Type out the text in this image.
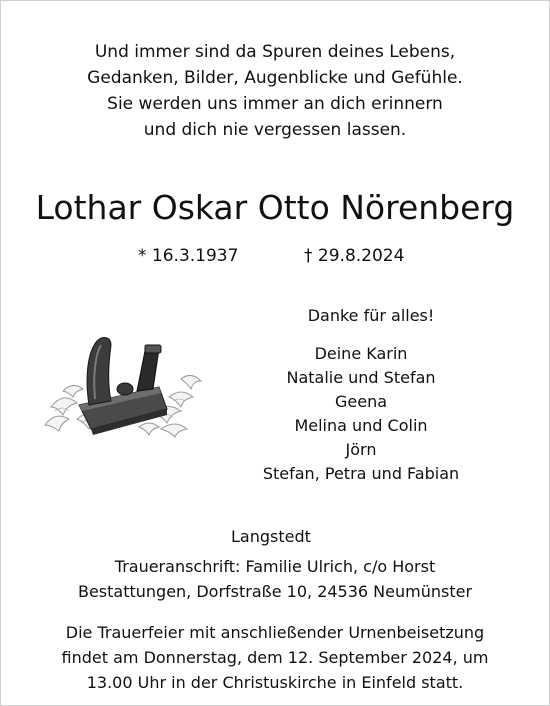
Und immer sind da Spuren deines Lebens,
Gedanken, Bilder, Augenblicke und Gefühle.
Sie werden uns immer an dich erinnern
und dich nie vergessen lassen.
Lothar Oskar Otto Nörenberg
* 16.3.1937	† 29.8.2024
Danke für alles!
Deine Karin
Natalie und Stefan
Geena
Melina und Colin
Jörn
Stefan, Petra und Fabian
Langstedt
Traueranschrift: Familie Ulrich, c/o Horst
Bestattungen, Dorfstraße 10, 24536 Neumünster
Die Trauerfeier mit anschließender Urnenbeisetzung
findet am Donnerstag, dem 12. September 2024, um
13.00 Uhr in der Christuskirche in Einfeld statt.
